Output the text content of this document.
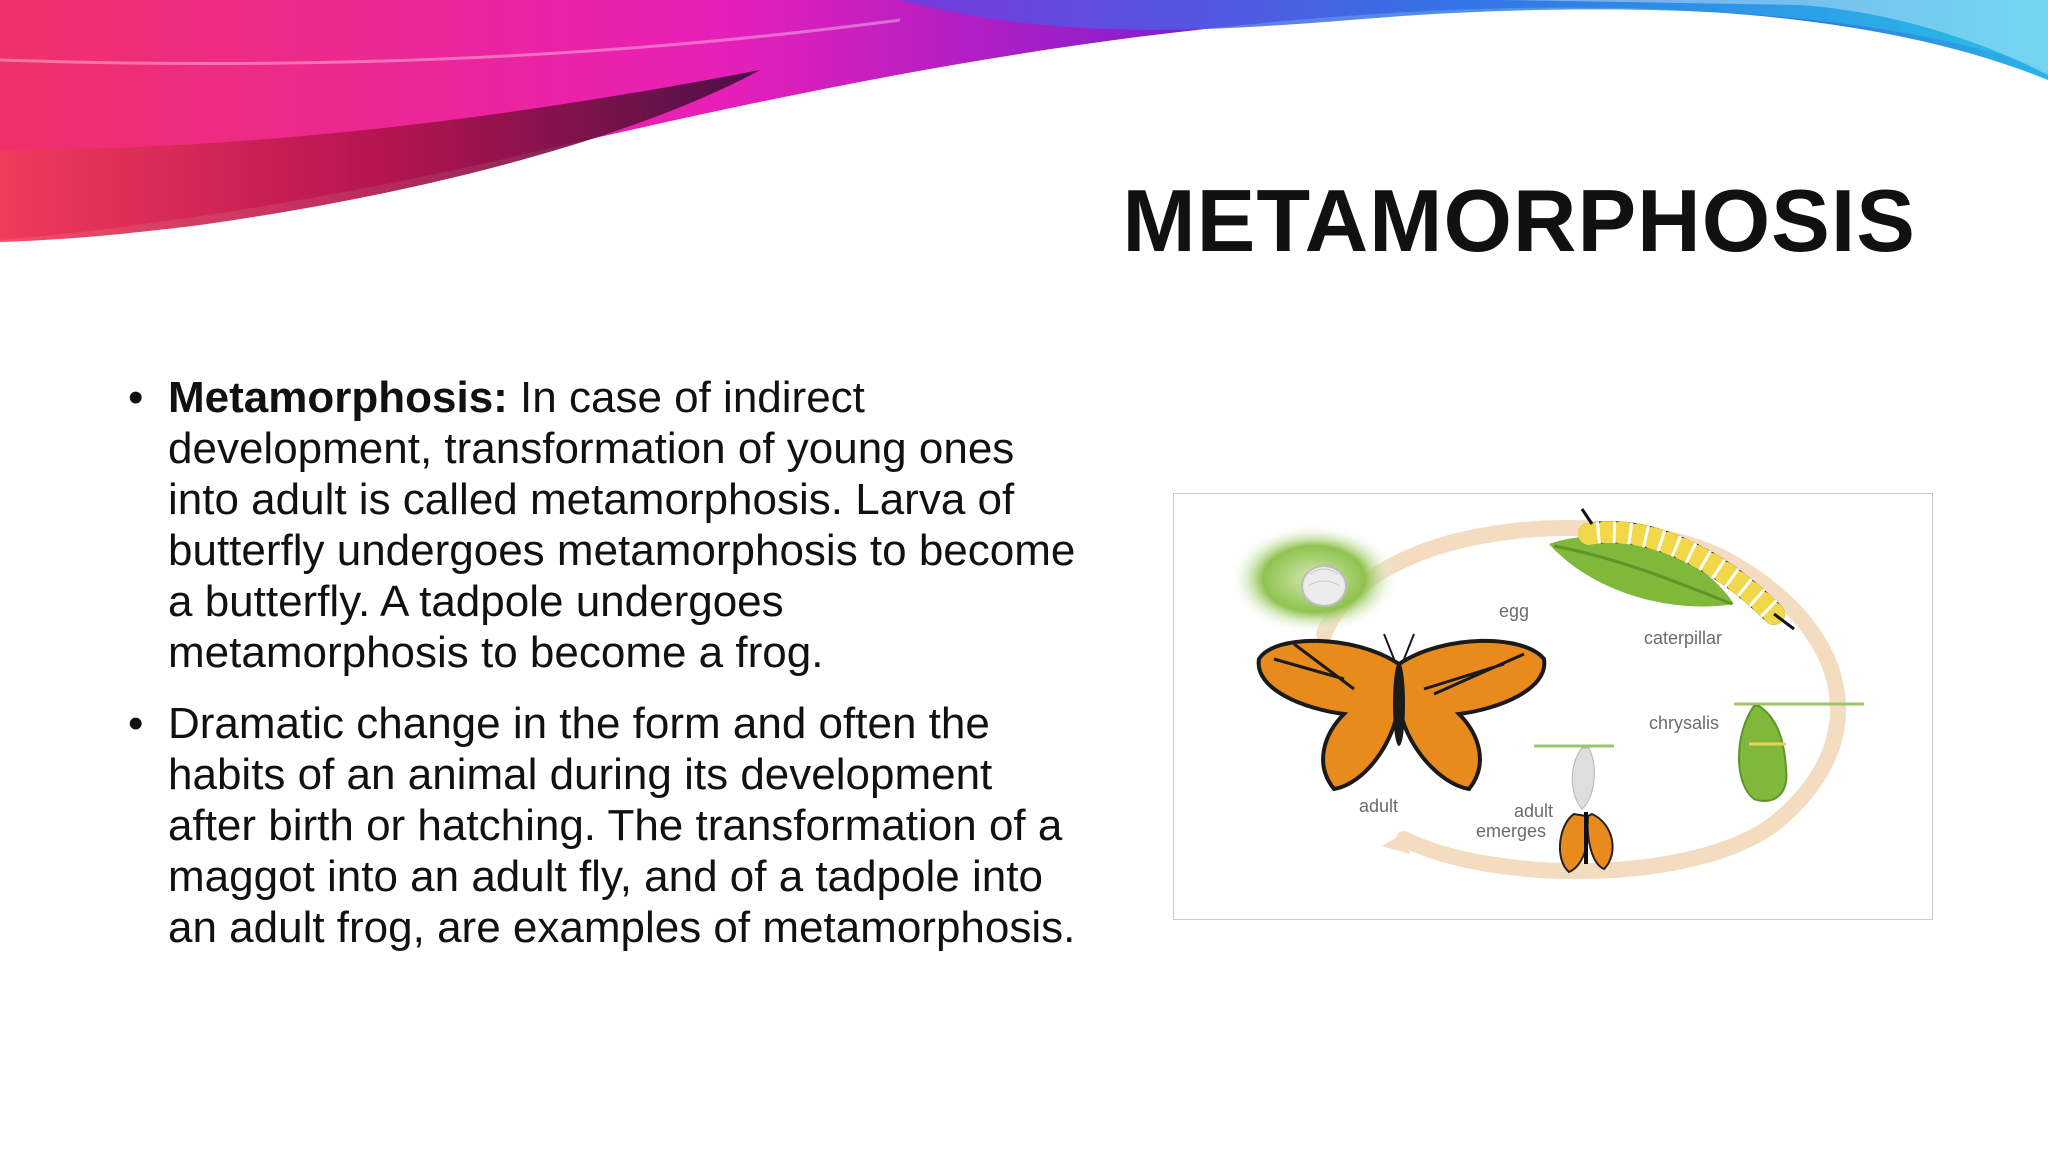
METAMORPHOSIS
• Metamorphosis: In case of indirect development, transformation of young ones into adult is called metamorphosis. Larva of butterfly undergoes metamorphosis to become a butterfly. A tadpole undergoes metamorphosis to become a frog.
• Dramatic change in the form and often the habits of an animal during its development after birth or hatching. The transformation of a maggot into an adult fly, and of a tadpole into an adult frog, are examples of metamorphosis.
egg
caterpillar
chrysalis
adult
emerges
adult
